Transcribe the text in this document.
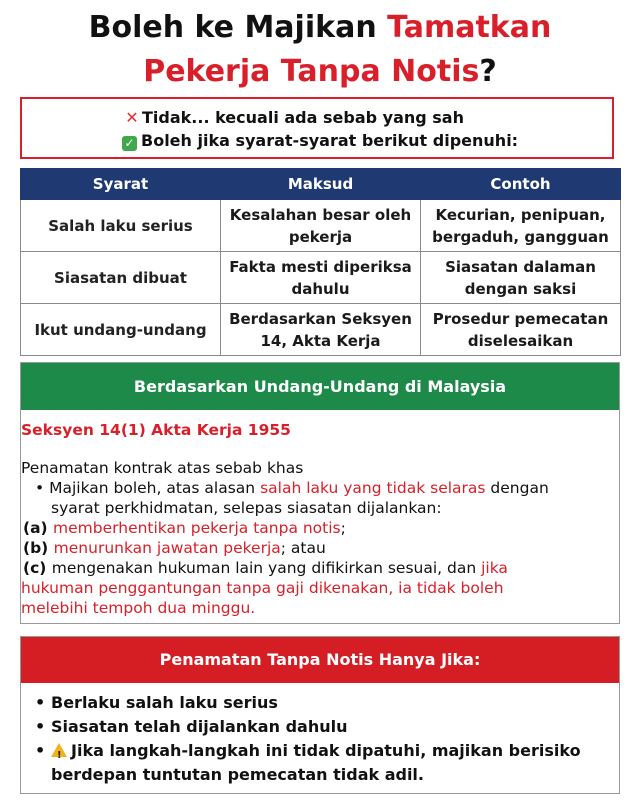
Boleh ke Majikan Tamatkan
Pekerja Tanpa Notis?
✕ Tidak... kecuali ada sebab yang sah
✓ Boleh jika syarat-syarat berikut dipenuhi:
Syarat	Maksud	Contoh
Salah laku serius	Kesalahan besar oleh pekerja	Kecurian, penipuan, bergaduh, gangguan
Siasatan dibuat	Fakta mesti diperiksa dahulu	Siasatan dalaman dengan saksi
Ikut undang-undang	Berdasarkan Seksyen 14, Akta Kerja	Prosedur pemecatan diselesaikan
Berdasarkan Undang-Undang di Malaysia
Seksyen 14(1) Akta Kerja 1955
Penamatan kontrak atas sebab khas
• Majikan boleh, atas alasan salah laku yang tidak selaras dengan
syarat perkhidmatan, selepas siasatan dijalankan:
(a) memberhentikan pekerja tanpa notis;
(b) menurunkan jawatan pekerja; atau
(c) mengenakan hukuman lain yang difikirkan sesuai, dan jika
hukuman penggantungan tanpa gaji dikenakan, ia tidak boleh
melebihi tempoh dua minggu.
Penamatan Tanpa Notis Hanya Jika:
• Berlaku salah laku serius
• Siasatan telah dijalankan dahulu
• ! Jika langkah-langkah ini tidak dipatuhi, majikan berisiko
berdepan tuntutan pemecatan tidak adil.
